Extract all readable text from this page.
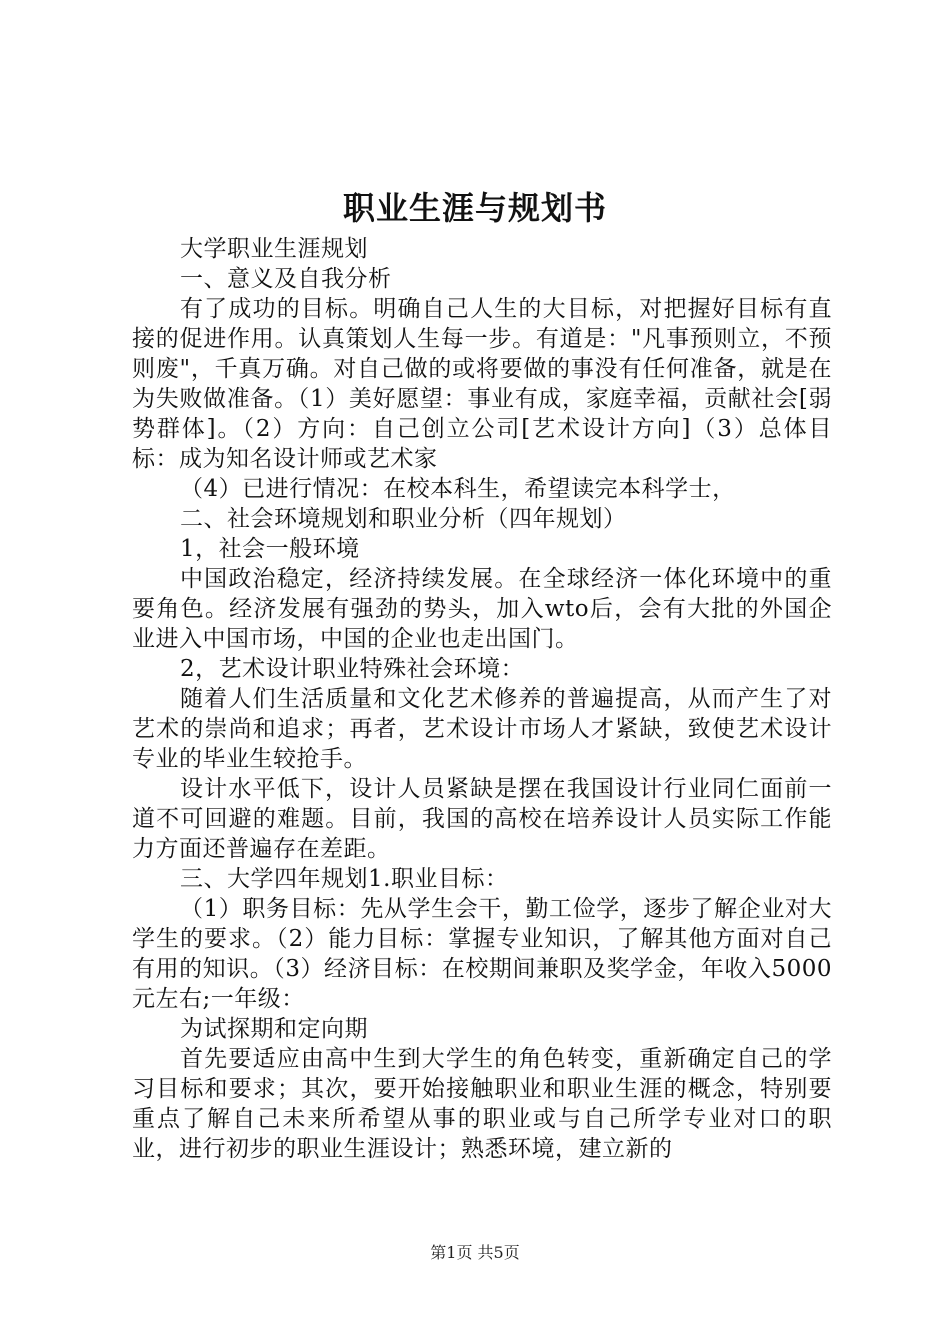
职业生涯与规划书

大学职业生涯规划

一、意义及自我分析

有了成功的目标。明确自己人生的大目标，对把握好目标有直接的促进作用。认真策划人生每一步。有道是："凡事预则立，不预则废"，千真万确。对自己做的或将要做的事没有任何准备，就是在为失败做准备。（1）美好愿望：事业有成，家庭幸福，贡献社会[弱势群体]。（2）方向：自己创立公司[艺术设计方向]（3）总体目标：成为知名设计师或艺术家

（4）已进行情况：在校本科生，希望读完本科学士，

二、社会环境规划和职业分析（四年规划）

1，社会一般环境

中国政治稳定，经济持续发展。在全球经济一体化环境中的重要角色。经济发展有强劲的势头，加入wto后，会有大批的外国企业进入中国市场，中国的企业也走出国门。

2，艺术设计职业特殊社会环境：

随着人们生活质量和文化艺术修养的普遍提高，从而产生了对艺术的崇尚和追求；再者，艺术设计市场人才紧缺，致使艺术设计专业的毕业生较抢手。

设计水平低下，设计人员紧缺是摆在我国设计行业同仁面前一道不可回避的难题。目前，我国的高校在培养设计人员实际工作能力方面还普遍存在差距。

三、大学四年规划1.职业目标：

（1）职务目标：先从学生会干，勤工俭学，逐步了解企业对大学生的要求。（2）能力目标：掌握专业知识，了解其他方面对自己有用的知识。（3）经济目标：在校期间兼职及奖学金，年收入5000元左右;一年级：

为试探期和定向期

首先要适应由高中生到大学生的角色转变，重新确定自己的学习目标和要求；其次，要开始接触职业和职业生涯的概念，特别要重点了解自己未来所希望从事的职业或与自己所学专业对口的职业，进行初步的职业生涯设计；熟悉环境，建立新的

第1页 共5页
